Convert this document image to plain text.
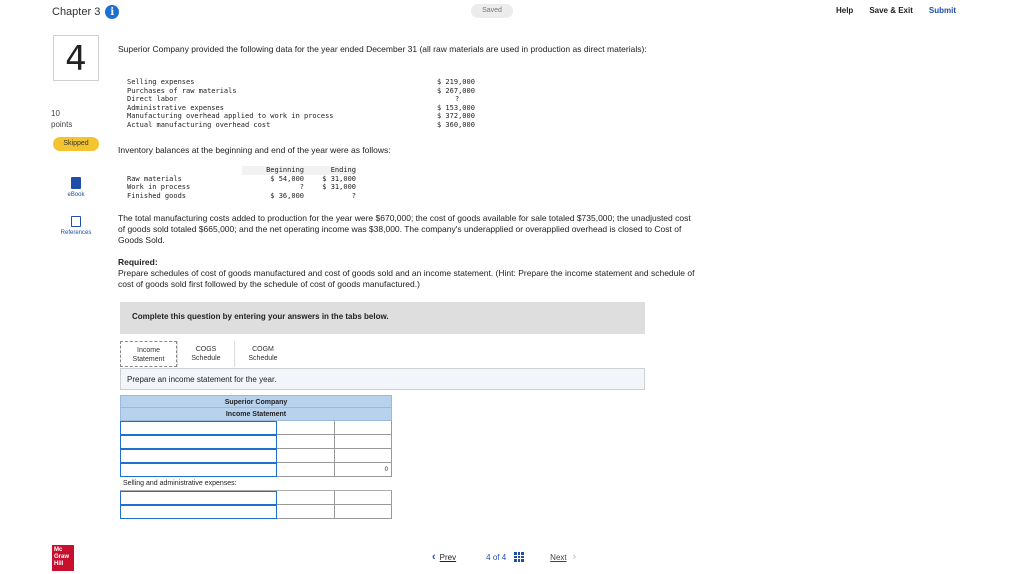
Chapter 3	i	Saved	Help Save & Exit Submit
4
10
points
Skipped
eBook
References
Superior Company provided the following data for the year ended December 31 (all raw materials are used in production as direct materials):
Selling expenses	$ 219,000
Purchases of raw materials	$ 267,000
Direct labor	?
Administrative expenses	$ 153,000
Manufacturing overhead applied to work in process	$ 372,000
Actual manufacturing overhead cost	$ 360,000
Inventory balances at the beginning and end of the year were as follows:
Beginning	Ending
Raw materials	$ 54,000	$ 31,000
Work in process	?	$ 31,000
Finished goods	$ 36,000	?
The total manufacturing costs added to production for the year were $670,000; the cost of goods available for sale totaled $735,000; the unadjusted cost of goods sold totaled $665,000; and the net operating income was $38,000. The company's underapplied or overapplied overhead is closed to Cost of Goods Sold.
Required:
Prepare schedules of cost of goods manufactured and cost of goods sold and an income statement. (Hint: Prepare the income statement and schedule of cost of goods sold first followed by the schedule of cost of goods manufactured.)
Complete this question by entering your answers in the tabs below.
Income
Statement
COGS
Schedule
COGM
Schedule
Prepare an income statement for the year.
Superior Company
Income Statement
0
Selling and administrative expenses:
Mc
Graw
Hill
‹ Prev	4 of 4	Next ›
